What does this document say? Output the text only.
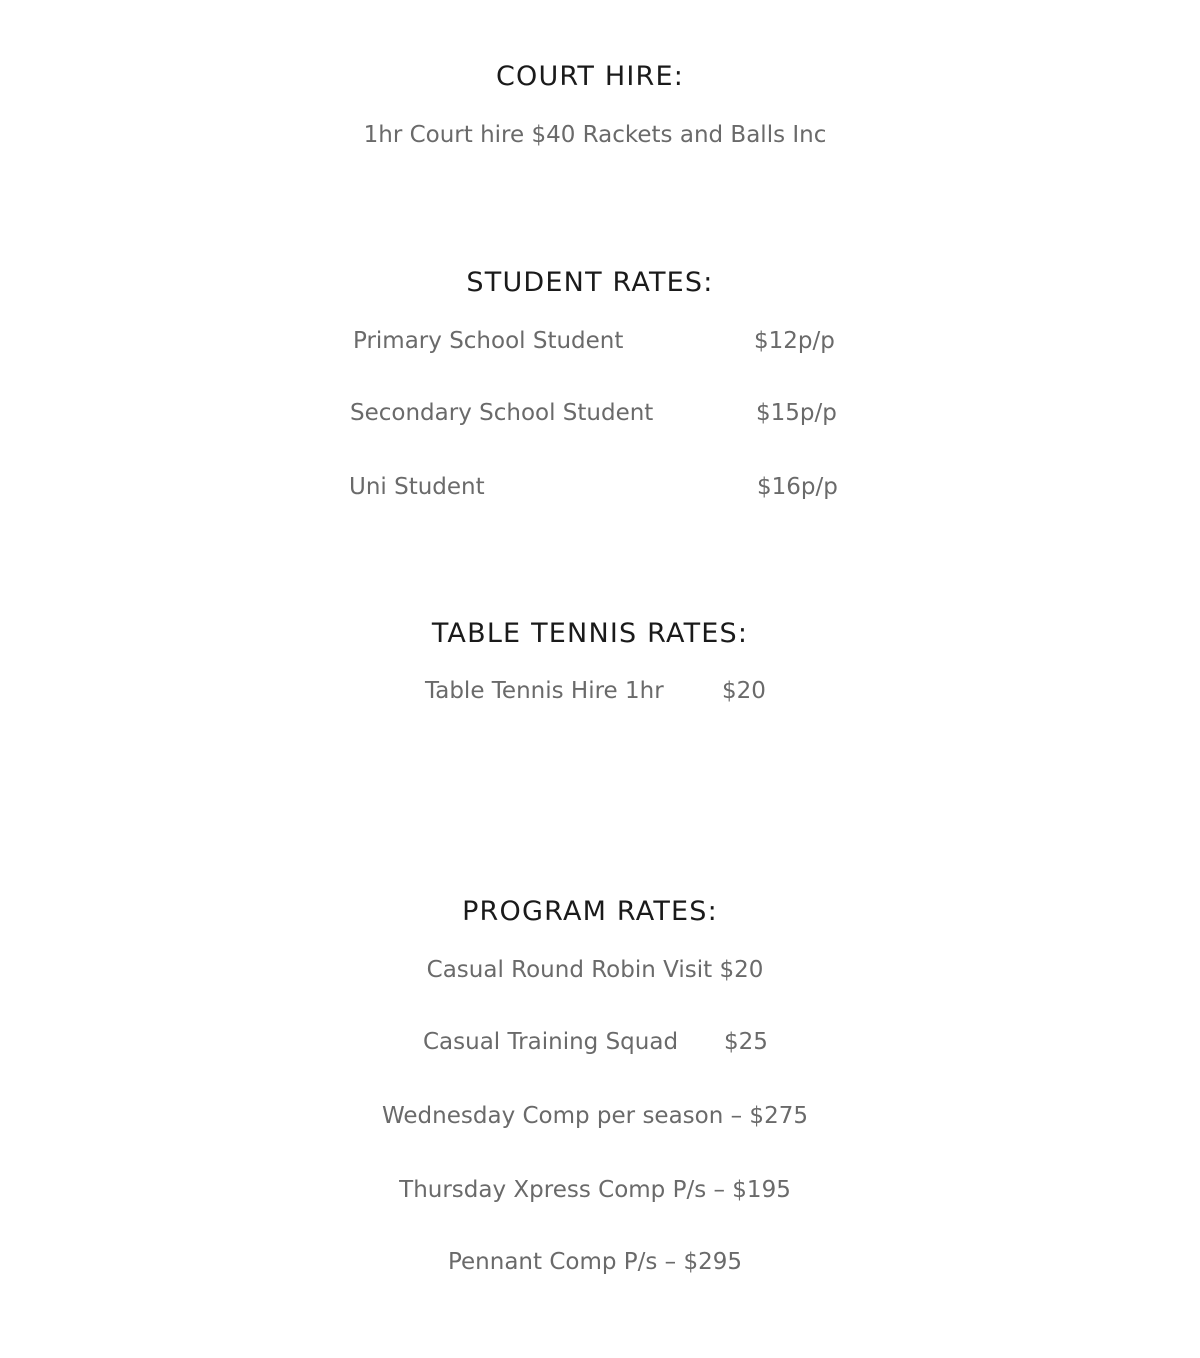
COURT HIRE:
1hr Court hire $40 Rackets and Balls Inc
STUDENT RATES:
Primary School Student	$12p/p
Secondary School Student	$15p/p
Uni Student	$16p/p
TABLE TENNIS RATES:
Table Tennis Hire 1hr	$20
PROGRAM RATES:
Casual Round Robin Visit $20
Casual Training Squad $25
Wednesday Comp per season – $275
Thursday Xpress Comp P/s – $195
Pennant Comp P/s – $295
